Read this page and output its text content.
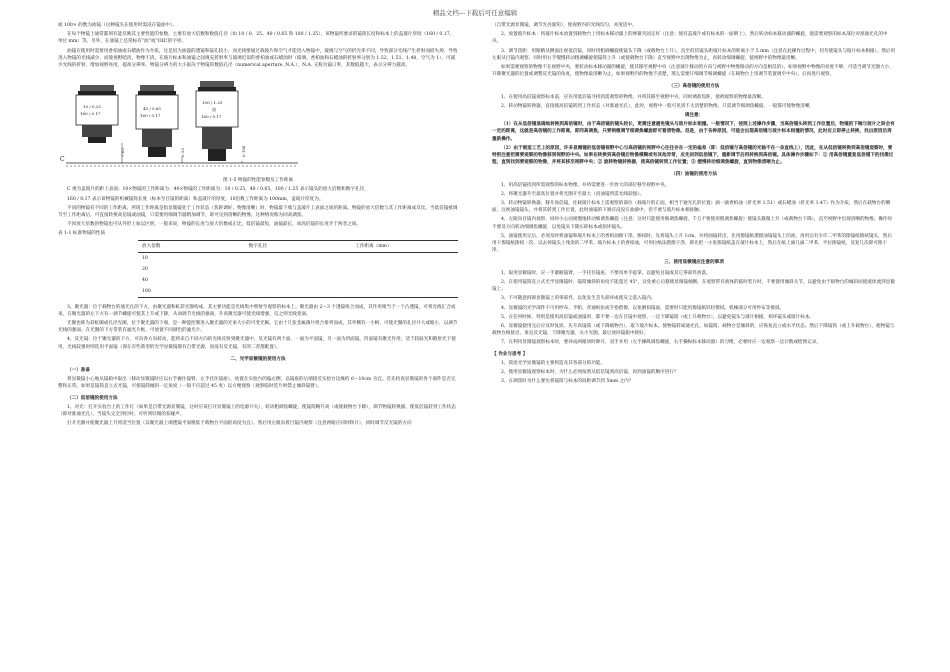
精品文档---下载后可任意编辑

或 100× 的数为油镜（这种镜头在使用时需浸在镜油中）。

在每个物镜上通常都刻有能反映其主要性能的参数，主要有放大倍数和数值孔径（如 10 / 0．25、40 / 0.65 和 100 / 1.25），该物镜所要求的镜筒长度和标本上的盖玻片厚度（160 / 0.17，单位 mm）等。另外，在油镜上还常标有“油”或“OIL”的字样。

油镜在使用时需要用香柏油或石蜡油作为介质，这是因为油镜的透镜和镜孔较小，而光线要通过载玻片和空气才能进入物镜中，玻璃与空气的折光率不同，导致部分光线产生折射而损失掉，导致进入物镜的光线减少，而使视野暗淡，物像不清。在玻片标本和油镜之间填充折射率与玻璃近似的香柏油或石蜡油时（玻璃、香柏油和石蜡油的折射率分别为 1.52、1.51、1.48，空气为 1），可减少光线的折射，增加视野亮度，提高分辨率。物镜分辨力的大小取决于物镜的数值孔径（numerical aperture, N.A.），N.A. 又称为镜口率，其数值越大，表示分辨力越高。

10 / 0.25
160 / 0.17
40 / 0.65
160 / 0.17
100 / 1.25
油
160 / 0.17
7.63	0.53	0.198
C

图 1-5 物镜的性能参数及工作距离

C 视为盖玻片的距上表面；10×物镜的工作距离为：40×物镜的工作距离为：10 / 0.25，40 / 0.65，100 / 1.25 表示镜头的放大倍数和数字孔径，

160 / 0.17 表示该物镜的机械镜筒长度（标本至目镜的距离）和盖玻片的厚度，10倍数工作距离为 100mm，盖玻片厚度为。

不同的物镜有不同的工作距离，所谓工作距离是指显微镜处于工作状态（焦距调好、物像清晰）时，物镜最下端与盖玻片上表面之间的距离。物镜的放大倍数与其工作距离成反比。当低倍镜被调节至工作距离后，可直接转换高倍镜或油镜，只需要用细调节器稍加调节，即可见到清晰的物像，这种情况称为同高调焦。

不同放大倍数的物镜也可从外形上加以区别，一般来说，物镜的长度与放大倍数成正比，低倍镜最短，油镜最长，而高倍镜的长度介于两者之间。

表 1-1 标准物镜的性质

放大倍数	数字孔径	工作距离（mm）
10		
20		
40		
100		

3、聚光器：位于载物台的通光孔的下方，由聚光器和虹彩光圈构成，其主要功能是光线集中照射至观察的标本上。聚光器由 2～3 个透镜组合而成，其作用相当于一个凸透镜，可将光线汇合成束。在聚光器的左下方有一调节螺旋可使其上升或下降，从而调节光线的强弱，升高聚光器可使光线增强，反之则光线变弱。

光圈也称为彩虹阑或孔径光阑，位于聚光器的下端，是一种能控制进入聚光器的光束大小的可变光阑。它由十几张金属薄片组合排列而成，其外侧有一小柄，可使光圈的孔径开大或缩小，以调节光线的强弱。在光圈的下方常装有滤光片框，可放置不同颜色的滤光片。

4、反光镜：位于聚光器的下方，可向各方向转动，能将来自不同方向的光线反射到聚光器中。反光镜有两个面，一面为平面镜，另一面为凹面镜，凹面镜有聚光作用，适于较弱光和散射光下使用，光线较强时则选用平面镜（现在有些新型的光学显微镜都有自带光源，而没有反光镜，有的二者都配置）。

二、光学显微镜的使用方法

（一）准备

将显微镜小心地从镜箱中取出（移动显微镜时应以右手握住镜臂，左手托住镜座），放置在实验台的偏左侧，以镜座的后端接近实验台边缘约 6～10cm 为宜。首先检查显微镜的各个部件是否完整和正常。如果是镜筒直立式光镜，可使镜筒倾斜一定角度（一般不应超过 45 度）以方便观察（观察临时装片时禁止倾斜镜臂）。

（二）低倍镜的使用方法

1、对光：打开实验台上的工作灯（如果是自带光源显微镜，这时应该打开显微镜上的电源开关），转动粗调焦螺旋，使镜筒略升高（或使载物台下降），调节物镜转换器，使低倍镜转到工作状态（即对准通光孔），当镜头完全到位时，可听到轻微的扣碰声。

打开光圈并使聚光器上升到适当位置（以聚光器上端透镜平面稍低于载物台平面的高度为宜）。然后用左眼向着目镜内观察（注意两眼应同时睁开），同时调节反光镜的方向

（自带光源显微镜，调节光亮旋钮），使视野内的光线均匀，亮度适中。

2、放置玻片标本：将玻片标本放置到载物台上用标本移动器上的弹簧夹固定好（注意：使有盖玻片或有标本的一面朝上），然后转动标本移动器的螺旋，使需要观察的标本部位对准通光孔的中央。

3、调节焦距：用眼睛从侧面注视低倍镜，同时用粗调螺旋使镜头下降（或载物台上升），直至低倍镜头距玻片标本的距离小于 5 mm（注意在此操作过程中，切勿使镜头与玻片标本相撞）。然后用左眼从目镜内观察，同时用右手慢慢转动粗调螺旋使镜筒上升（或使载物台下降）直至视野中出现物像为止，再转动细调螺旋，使视野中的物像最清晰。

如果需要观察的物像不在视野中央，要转动标本移动器的螺旋，使其移至视野中央（注意玻片移动的方向与视野中物像移动的方向是相反的）。如果视野中物像的亮度不够，可适当调节光圈大小、升降聚光器的位置或调整反光镜的角度，使物像最清晰为止。如果视野内的物像不清楚，那么需要仔细调节细调螺旋（在载物台上用调节装置调至中央），后再进行观察。

（三）高倍镜的使用方法

1、在使用高倍镜观察标本前，应先用低倍镜寻找到需观察的物像，并将其移至视野中央，同时调准焦距，使被观察的物像最清晰。

2、转动物镜转换器，直接使高倍镜转到工作状态（对准通光孔），此时，视野中一般可见到不太清楚的物像，只需调节细调焦螺旋，一般都可使物像清晰。

请注意：

（1）在从低倍镜准确地转换到高倍镜时，由于高倍镜的镜头较长，更需注意避免镜头与玻片标本相撞。一般情况下，按照上述操作步骤，当高倍镜头转到工作位置后，物镜的下端与玻片之间会有一定的距离，这就是高倍镜的工作距离，即同高调焦，只要稍微调节细调焦螺旋即可看清物像。但是，由于各种原因，可能会出现高倍镜与玻片标本相撞的情况，此时应立即停止转换，找出原因后再重新操作。

（2）由于制造工艺上的原因，许多显微镜的低倍镜视野中心与高倍镜的视野中心往往存在一定的偏差（即：低倍镜与高倍镜的光轴不在一条直线上），因此，在从低倍镜转换到高倍镜观察时，要特别注意把需要观察的物像移到视野的中央。如果在转换到高倍镜后物像模糊或有其他异常，应先回到低倍镜下，重新调节后再转换到高倍镜。具体操作步骤如下：① 用高倍镜重复低倍镜下的找像过程，直到找到要观察的物像，并将其移至视野中央；② 旋转物镜转换器，使高倍镜转到工作位置；③ 缓慢转动细调焦螺旋，直到物像清晰为止。

（四）油镜的使用方法

1、用高倍镜找到所需观察的标本物像，并将需要进一步放大的部位移至视野中央。

2、将聚光器升至最高位置并将光圈开至最大（因油镜所需光线较强）。

3、转动物镜转换器，移开高倍镜，往载玻片标本上需观察的部位（载玻片的正面，相当于通光孔的位置）滴一滴香柏油（折光率 1.51）或石蜡油（折光率 1.47）作为介质，然后在载物台的侧面，注视油镜镜头，并将其转到工作位置，此时油镜的下端应浸没在油滴中，但不要与玻片标本相接触。

4、左眼向目镜内观察，同时小心而缓慢地转动细调焦螺旋（注意：这时只能使用细调焦螺旋，千万不要使用粗调焦螺旋）使镜头微微上升（或载物台下降），直至视野中出现清晰的物像。操作时不要反方向转动细调焦螺旋，以免镜头下降压碎标本或损坏镜头。

5、油镜使用完后，必须及时将油镜和玻片标本上的香柏油擦干净。擦拭时，先将镜头上升 1cm，并将油镜转出，先用擦镜纸揩擦油镜镜头上的油，再用沾有少许二甲苯的擦镜纸擦拭镜头，然后用干擦镜纸擦拭一次，以去掉镜头上残余的二甲苯。玻片标本上的香柏油，可用拉纸法揩擦干净，即先把一小张擦镜纸盖在玻片标本上，然后在纸上滴几滴二甲苯，平拉擦镜纸，反复几次即可擦干净。

三、使用显微镜应注意的事项

1、取用显微镜时，应一手紧握镜臂，一手托住镜座，不要用单手提拿，以避免目镜或其它零部件滑落。

2、在使用镜筒直立式光学显微镜时，镜筒倾斜的角度不能超过 45°，以免重心后移使显微镜倾倒。在观察带有液体的临时装片时，不要使用倾斜关节，以避免由于载物台的倾斜而使液体流到显微镜上。

3、不可随意拆卸显微镜上的零部件，以免发生丢失损坏或使灰尘落入镜内。

4、显微镜的光学部件不可用纱布、手帕、普通纸张或手指揩擦，以免磨损镜面，需要时只能用擦镜纸轻轻擦拭。机械部分可用纱布等擦拭。

5、在任何时候，特别是使用高倍镜或油镜时，都不要一边在目镜中观察，一边下降镜筒（或上升载物台），以避免镜头与玻片相撞，损坏镜头或玻片标本。

6、显微镜使用完后应及时复原。先升高镜筒（或下降载物台），取下玻片标本，使物镜转离通光孔。如镜筒、载物台是倾斜的，应恢复直立或水平状态。然后下降镜筒（或上升载物台），使物镜与载物台相接近。垂直反光镜，下降聚光器，关小光圈，最后放回镜箱中锁好。

7、在利用显微镜观察标本时，要养成两眼同时睁开，双手并用（左手操纵调焦螺旋，右手操纵标本移动器）的习惯，必要时应一边观察一边计数或绘图记录。

【 作业与思考 】

1、简述光学显微镜的主要构造及其各部分的功能。

2、使用显微镜观察标本时，为什么必须按照从低倍镜到高倍镜、再到油镜的顺序进行？

3、在调焦时为什么要先将镜筒与标本的间距调节到 5mm 之内？
